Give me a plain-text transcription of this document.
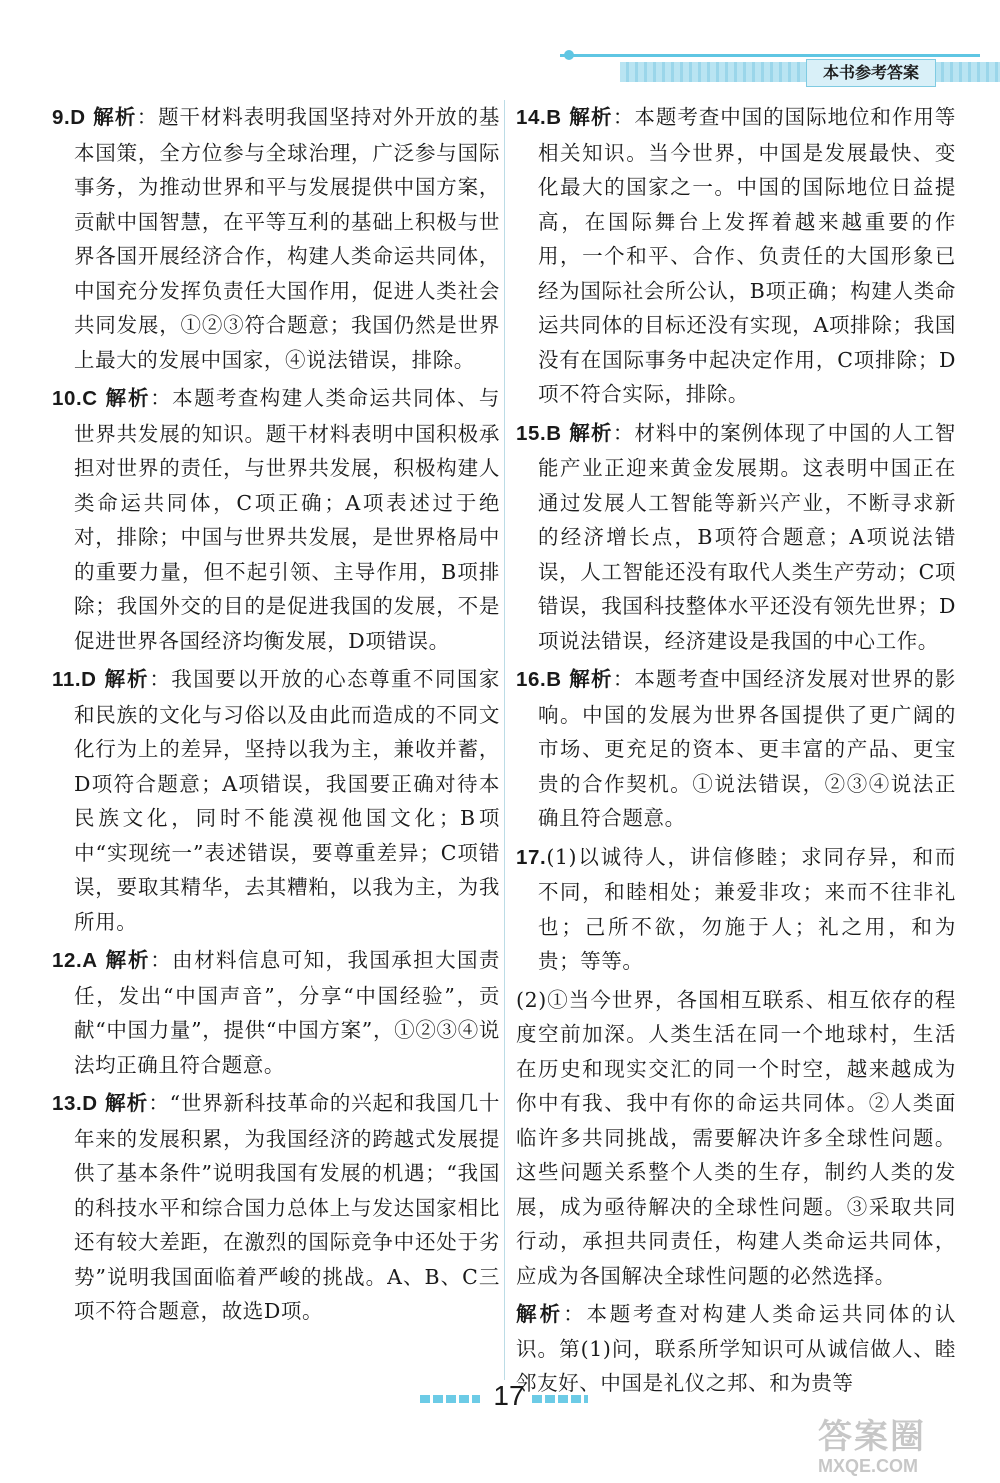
本书参考答案

9.D 解析：题干材料表明我国坚持对外开放的基本国策，全方位参与全球治理，广泛参与国际事务，为推动世界和平与发展提供中国方案，贡献中国智慧，在平等互利的基础上积极与世界各国开展经济合作，构建人类命运共同体，中国充分发挥负责任大国作用，促进人类社会共同发展，①②③符合题意；我国仍然是世界上最大的发展中国家，④说法错误，排除。

10.C 解析：本题考查构建人类命运共同体、与世界共发展的知识。题干材料表明中国积极承担对世界的责任，与世界共发展，积极构建人类命运共同体，C项正确；A项表述过于绝对，排除；中国与世界共发展，是世界格局中的重要力量，但不起引领、主导作用，B项排除；我国外交的目的是促进我国的发展，不是促进世界各国经济均衡发展，D项错误。

11.D 解析：我国要以开放的心态尊重不同国家和民族的文化与习俗以及由此而造成的不同文化行为上的差异，坚持以我为主，兼收并蓄，D项符合题意；A项错误，我国要正确对待本民族文化，同时不能漠视他国文化；B项中“实现统一”表述错误，要尊重差异；C项错误，要取其精华，去其糟粕，以我为主，为我所用。

12.A 解析：由材料信息可知，我国承担大国责任，发出“中国声音”，分享“中国经验”，贡献“中国力量”，提供“中国方案”，①②③④说法均正确且符合题意。

13.D 解析：“世界新科技革命的兴起和我国几十年来的发展积累，为我国经济的跨越式发展提供了基本条件”说明我国有发展的机遇；“我国的科技水平和综合国力总体上与发达国家相比还有较大差距，在激烈的国际竞争中还处于劣势”说明我国面临着严峻的挑战。A、B、C三项不符合题意，故选D项。

14.B 解析：本题考查中国的国际地位和作用等相关知识。当今世界，中国是发展最快、变化最大的国家之一。中国的国际地位日益提高，在国际舞台上发挥着越来越重要的作用，一个和平、合作、负责任的大国形象已经为国际社会所公认，B项正确；构建人类命运共同体的目标还没有实现，A项排除；我国没有在国际事务中起决定作用，C项排除；D项不符合实际，排除。

15.B 解析：材料中的案例体现了中国的人工智能产业正迎来黄金发展期。这表明中国正在通过发展人工智能等新兴产业，不断寻求新的经济增长点，B项符合题意；A项说法错误，人工智能还没有取代人类生产劳动；C项错误，我国科技整体水平还没有领先世界；D项说法错误，经济建设是我国的中心工作。

16.B 解析：本题考查中国经济发展对世界的影响。中国的发展为世界各国提供了更广阔的市场、更充足的资本、更丰富的产品、更宝贵的合作契机。①说法错误，②③④说法正确且符合题意。

17.(1)以诚待人，讲信修睦；求同存异，和而不同，和睦相处；兼爱非攻；来而不往非礼也；己所不欲，勿施于人；礼之用，和为贵；等等。

(2)①当今世界，各国相互联系、相互依存的程度空前加深。人类生活在同一个地球村，生活在历史和现实交汇的同一个时空，越来越成为你中有我、我中有你的命运共同体。②人类面临许多共同挑战，需要解决许多全球性问题。这些问题关系整个人类的生存，制约人类的发展，成为亟待解决的全球性问题。③采取共同行动，承担共同责任，构建人类命运共同体，应成为各国解决全球性问题的必然选择。

解析：本题考查对构建人类命运共同体的认识。第(1)问，联系所学知识可从诚信做人、睦邻友好、中国是礼仪之邦、和为贵等

17
答案圈
MXQE.COM
